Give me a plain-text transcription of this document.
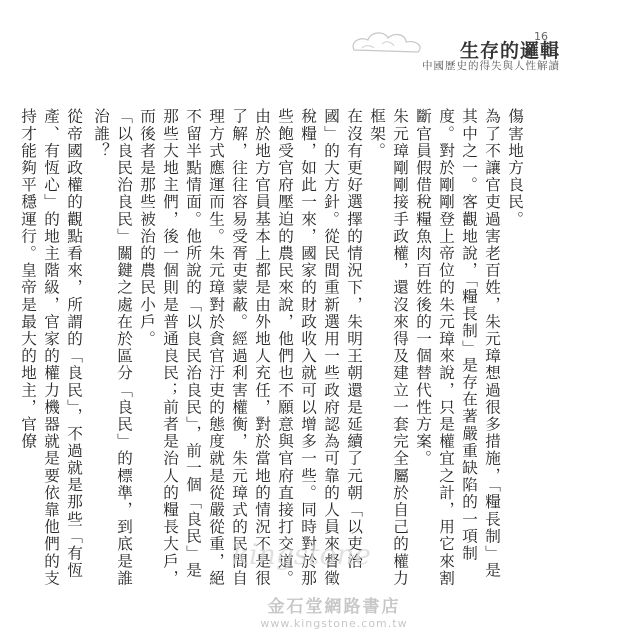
生存的邏輯
中國歷史的得失與人性解讀
16

傷害地方良民。

為了不讓官吏過害老百姓，朱元璋想過很多措施，「糧長制」是其中之一。客觀地說，「糧長制」是存在著嚴重缺陷的一項制度。對於剛剛登上帝位的朱元璋來說，只是權宜之計，用它來割斷官員假借稅糧魚肉百姓後的一個替代性方案。

朱元璋剛剛接手政權，還沒來得及建立一套完全屬於自己的權力框架。

在沒有更好選擇的情況下，朱明王朝還是延續了元朝「以吏治國」的大方針。從民間重新選用一些政府認為可靠的人員來督徵稅糧，如此一來，國家的財政收入就可以增多一些。同時對於那些飽受官府壓迫的農民來說，他們也不願意與官府直接打交道。

由於地方官員基本上都是由外地人充任，對於當地的情況不是很了解，往往容易受胥吏蒙蔽。經過利害權衡，朱元璋式的民間自理方式應運而生。朱元璋對於貪官汙吏的態度就是從嚴從重，絕不留半點情面。他所說的「以良民治良民」，前一個「良民」是那些大地主們，後一個則是普通良民；前者是治人的糧長大戶，而後者是那些被治的農民小戶。

「以良民治良民」關鍵之處在於區分「良民」的標準，到底是誰治誰？

從帝國政權的觀點看來，所謂的「良民」，不過就是那些「有恆產、有恆心」的地主階級，官家的權力機器就是要依靠他們的支持才能夠平穩運行。皇帝是最大的地主，官僚

kingstone
金石堂網路書店
www.kingstone.com.tw
